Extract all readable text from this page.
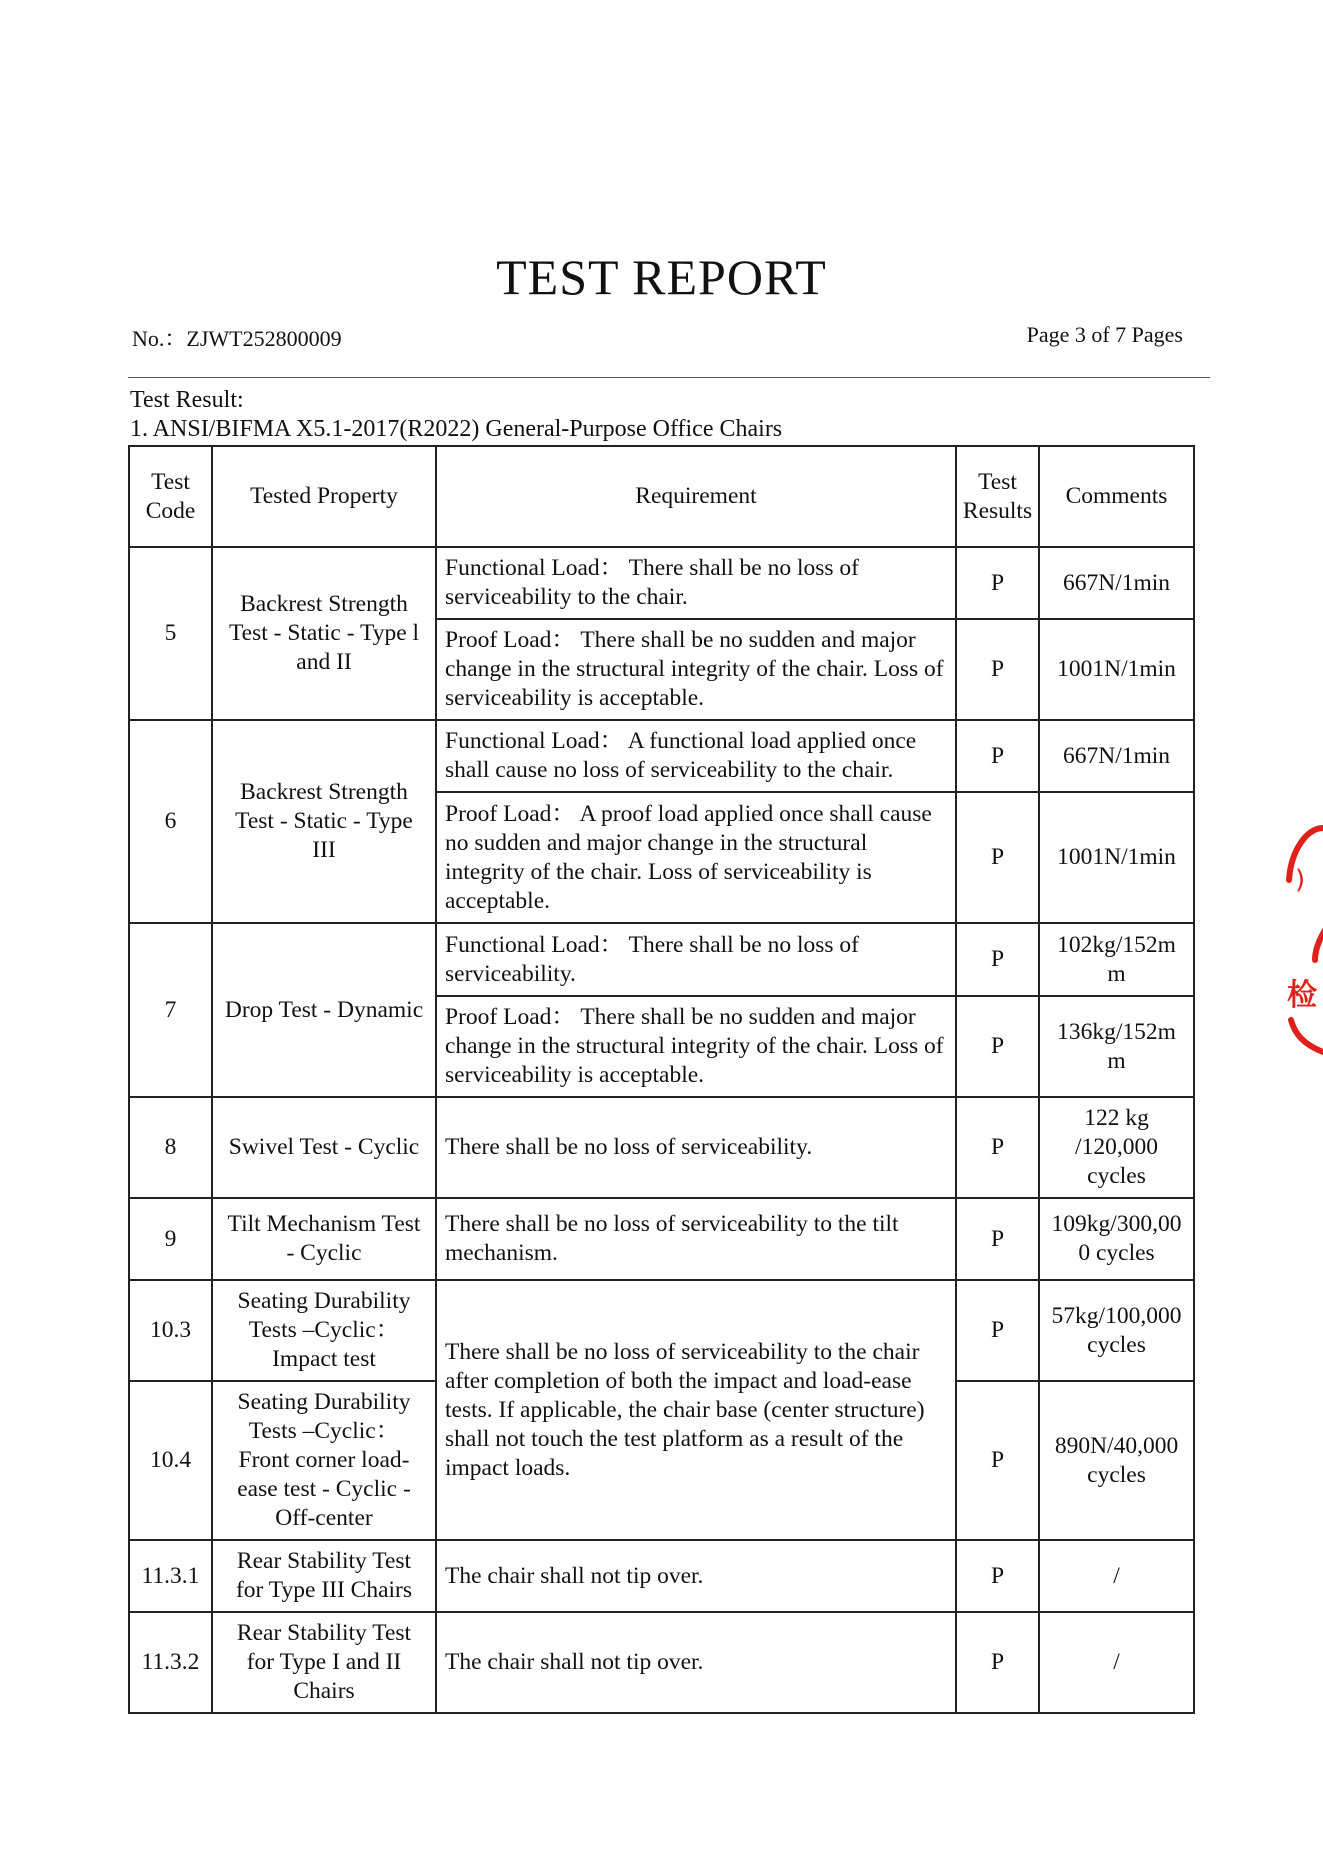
TEST REPORT
No.：ZJWT252800009	Page 3 of 7 Pages
Test Result:
1. ANSI/BIFMA X5.1-2017(R2022) General-Purpose Office Chairs
Test Code	Tested Property	Requirement	Test Results	Comments
5	Backrest Strength Test - Static - Type l and II	Functional Load： There shall be no loss of serviceability to the chair.	P	667N/1min
		Proof Load： There shall be no sudden and major change in the structural integrity of the chair. Loss of serviceability is acceptable.	P	1001N/1min
6	Backrest Strength Test - Static - Type III	Functional Load： A functional load applied once shall cause no loss of serviceability to the chair.	P	667N/1min
		Proof Load： A proof load applied once shall cause no sudden and major change in the structural integrity of the chair. Loss of serviceability is acceptable.	P	1001N/1min
7	Drop Test - Dynamic	Functional Load： There shall be no loss of serviceability.	P	102kg/152mm
		Proof Load： There shall be no sudden and major change in the structural integrity of the chair. Loss of serviceability is acceptable.	P	136kg/152mm
8	Swivel Test - Cyclic	There shall be no loss of serviceability.	P	122 kg /120,000 cycles
9	Tilt Mechanism Test - Cyclic	There shall be no loss of serviceability to the tilt mechanism.	P	109kg/300,000 cycles
10.3	Seating Durability Tests –Cyclic： Impact test	There shall be no loss of serviceability to the chair after completion of both the impact and load-ease tests. If applicable, the chair base (center structure) shall not touch the test platform as a result of the impact loads.	P	57kg/100,000 cycles
10.4	Seating Durability Tests –Cyclic： Front corner load-ease test - Cyclic - Off-center		P	890N/40,000 cycles
11.3.1	Rear Stability Test for Type III Chairs	The chair shall not tip over.	P	/
11.3.2	Rear Stability Test for Type I and II Chairs	The chair shall not tip over.	P	/
检
)
